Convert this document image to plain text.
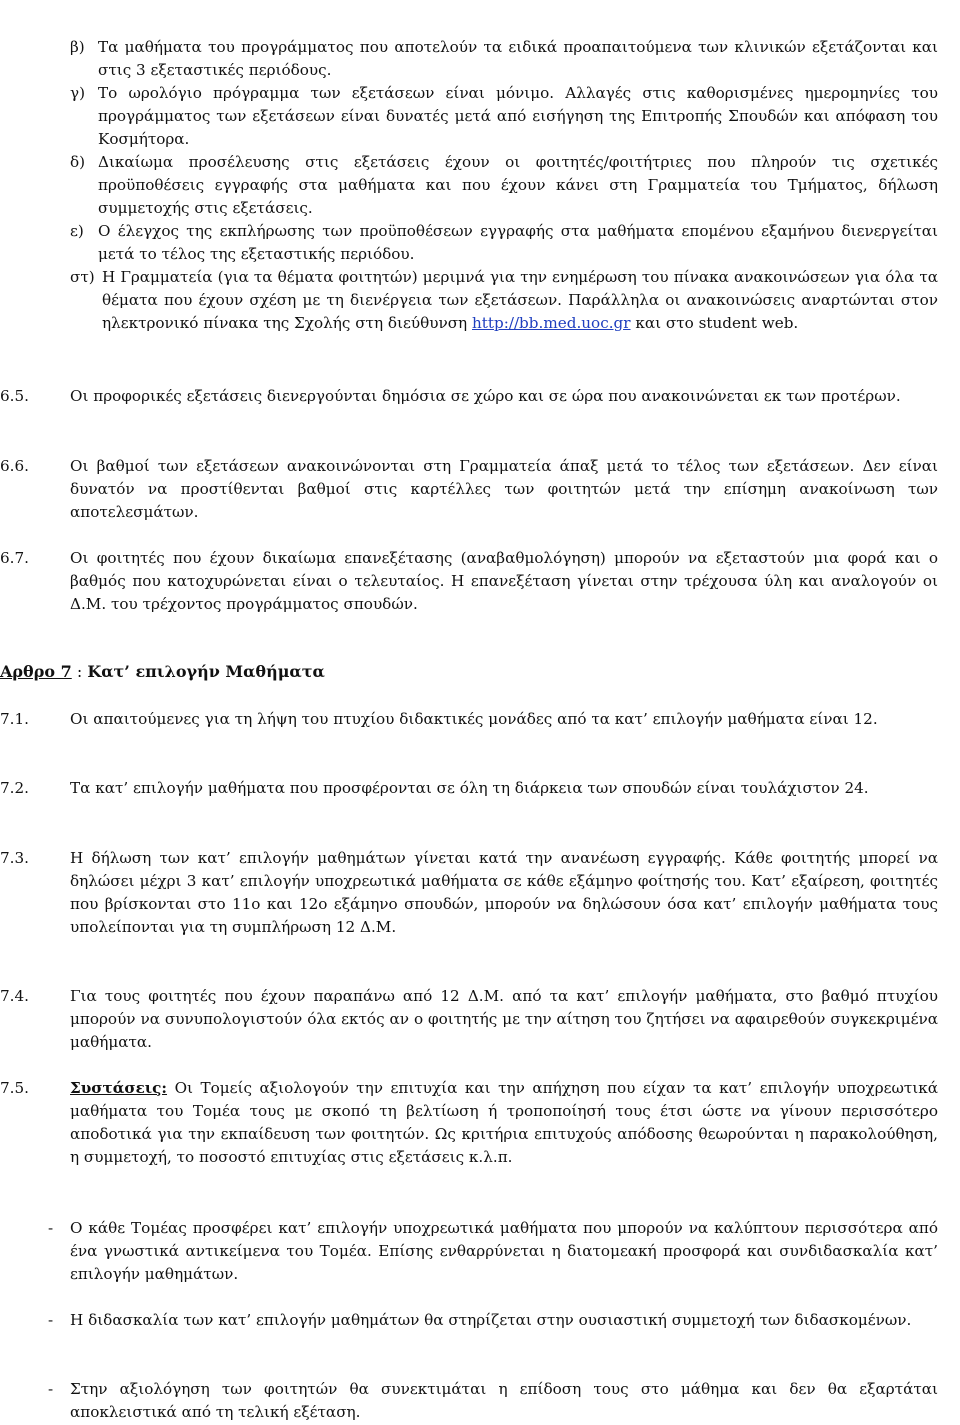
β) Τα μαθήματα του προγράμματος που αποτελούν τα ειδικά προαπαιτούμενα των κλινικών εξετάζονται και στις 3 εξεταστικές περιόδους.
γ) Το ωρολόγιο πρόγραμμα των εξετάσεων είναι μόνιμο. Αλλαγές στις καθορισμένες ημερομηνίες του προγράμματος των εξετάσεων είναι δυνατές μετά από εισήγηση της Επιτροπής Σπουδών και απόφαση του Κοσμήτορα.
δ) Δικαίωμα προσέλευσης στις εξετάσεις έχουν οι φοιτητές/φοιτήτριες που πληρούν τις σχετικές προϋποθέσεις εγγραφής στα μαθήματα και που έχουν κάνει στη Γραμματεία του Τμήματος, δήλωση συμμετοχής στις εξετάσεις.
ε) Ο έλεγχος της εκπλήρωσης των προϋποθέσεων εγγραφής στα μαθήματα επομένου εξαμήνου διενεργείται μετά το τέλος της εξεταστικής περιόδου.
στ) Η Γραμματεία (για τα θέματα φοιτητών) μεριμνά για την ενημέρωση του πίνακα ανακοινώσεων για όλα τα θέματα που έχουν σχέση με τη διενέργεια των εξετάσεων. Παράλληλα οι ανακοινώσεις αναρτώνται στον ηλεκτρονικό πίνακα της Σχολής στη διεύθυνση http://bb.med.uoc.gr και στο student web.
6.5.	Οι προφορικές εξετάσεις διενεργούνται δημόσια σε χώρο και σε ώρα που ανακοινώνεται εκ των προτέρων.
6.6.	Οι βαθμοί των εξετάσεων ανακοινώνονται στη Γραμματεία άπαξ μετά το τέλος των εξετάσεων. Δεν είναι δυνατόν να προστίθενται βαθμοί στις καρτέλλες των φοιτητών μετά την επίσημη ανακοίνωση των αποτελεσμάτων.
6.7.	Οι φοιτητές που έχουν δικαίωμα επανεξέτασης (αναβαθμολόγηση) μπορούν να εξεταστούν μια φορά και ο βαθμός που κατοχυρώνεται είναι ο τελευταίος. Η επανεξέταση γίνεται στην τρέχουσα ύλη και αναλογούν οι Δ.Μ. του τρέχοντος προγράμματος σπουδών.
Αρθρο 7 : Κατ’ επιλογήν Μαθήματα
7.1.	Οι απαιτούμενες για τη λήψη του πτυχίου διδακτικές μονάδες από τα κατ’ επιλογήν μαθήματα είναι 12.
7.2.	Τα κατ’ επιλογήν μαθήματα που προσφέρονται σε όλη τη διάρκεια των σπουδών είναι τουλάχιστον 24.
7.3.	Η δήλωση των κατ’ επιλογήν μαθημάτων γίνεται κατά την ανανέωση εγγραφής. Κάθε φοιτητής μπορεί να δηλώσει μέχρι 3 κατ’ επιλογήν υποχρεωτικά μαθήματα σε κάθε εξάμηνο φοίτησής του. Κατ’ εξαίρεση, φοιτητές που βρίσκονται στο 11ο και 12ο εξάμηνο σπουδών, μπορούν να δηλώσουν όσα κατ’ επιλογήν μαθήματα τους υπολείπονται για τη συμπλήρωση 12 Δ.Μ.
7.4.	Για τους φοιτητές που έχουν παραπάνω από 12 Δ.Μ. από τα κατ’ επιλογήν μαθήματα, στο βαθμό πτυχίου μπορούν να συνυπολογιστούν όλα εκτός αν ο φοιτητής με την αίτηση του ζητήσει να αφαιρεθούν συγκεκριμένα μαθήματα.
7.5.	Συστάσεις: Οι Τομείς αξιολογούν την επιτυχία και την απήχηση που είχαν τα κατ’ επιλογήν υποχρεωτικά μαθήματα του Τομέα τους με σκοπό τη βελτίωση ή τροποποίησή τους έτσι ώστε να γίνουν περισσότερο αποδοτικά για την εκπαίδευση των φοιτητών. Ως κριτήρια επιτυχούς απόδοσης θεωρούνται η παρακολούθηση, η συμμετοχή, το ποσοστό επιτυχίας στις εξετάσεις κ.λ.π.
- Ο κάθε Τομέας προσφέρει κατ’ επιλογήν υποχρεωτικά μαθήματα που μπορούν να καλύπτουν περισσότερα από ένα γνωστικά αντικείμενα του Τομέα. Επίσης ενθαρρύνεται η διατομεακή προσφορά και συνδιδασκαλία κατ’ επιλογήν μαθημάτων.
- Η διδασκαλία των κατ’ επιλογήν μαθημάτων θα στηρίζεται στην ουσιαστική συμμετοχή των διδασκομένων.
- Στην αξιολόγηση των φοιτητών θα συνεκτιμάται η επίδοση τους στο μάθημα και δεν θα εξαρτάται αποκλειστικά από τη τελική εξέταση.
